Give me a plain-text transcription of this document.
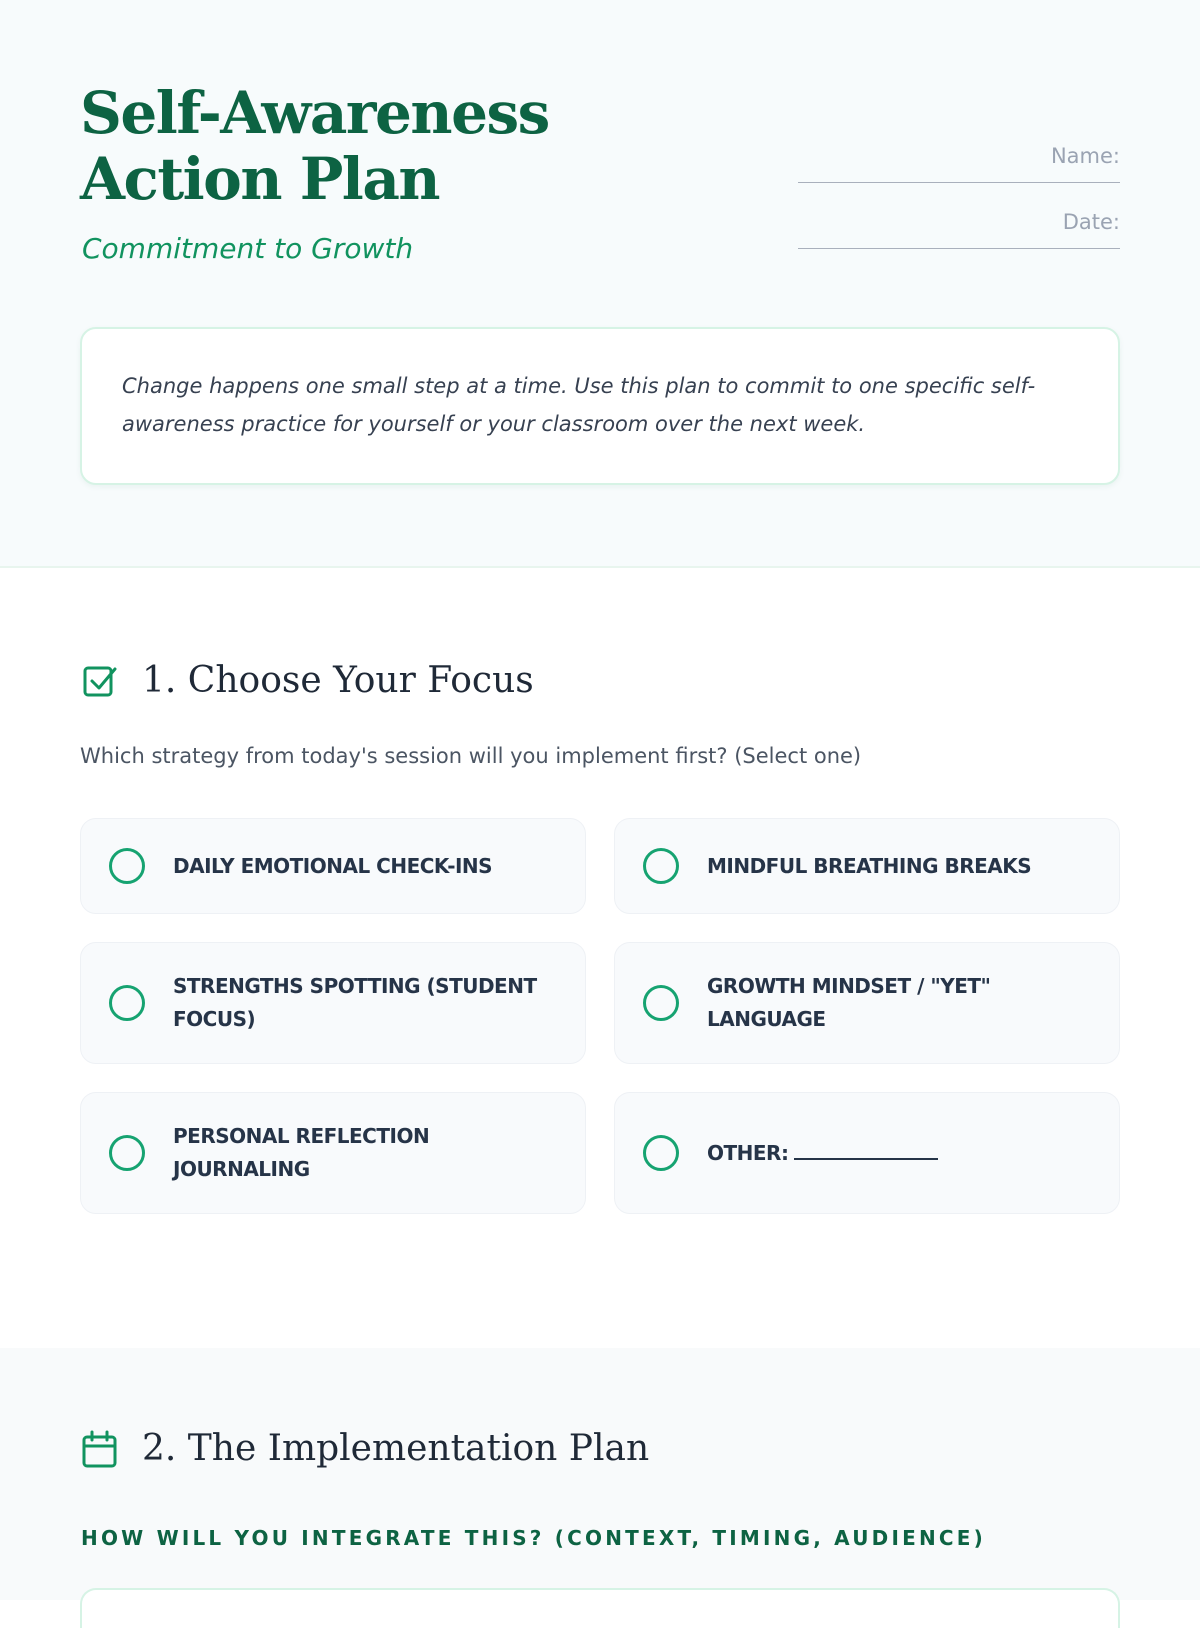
Self-Awareness Action Plan

Commitment to Growth

Name:
Date:
Change happens one small step at a time. Use this plan to commit to one specific self-awareness practice for yourself or your classroom over the next week.
1. Choose Your Focus

Which strategy from today's session will you implement first? (Select one)

DAILY EMOTIONAL CHECK-INS	MINDFUL BREATHING BREAKS
STRENGTHS SPOTTING (STUDENT FOCUS)
GROWTH MINDSET / "YET" LANGUAGE
PERSONAL REFLECTION JOURNALING
OTHER:
2. The Implementation Plan

HOW WILL YOU INTEGRATE THIS? (CONTEXT, TIMING, AUDIENCE)
